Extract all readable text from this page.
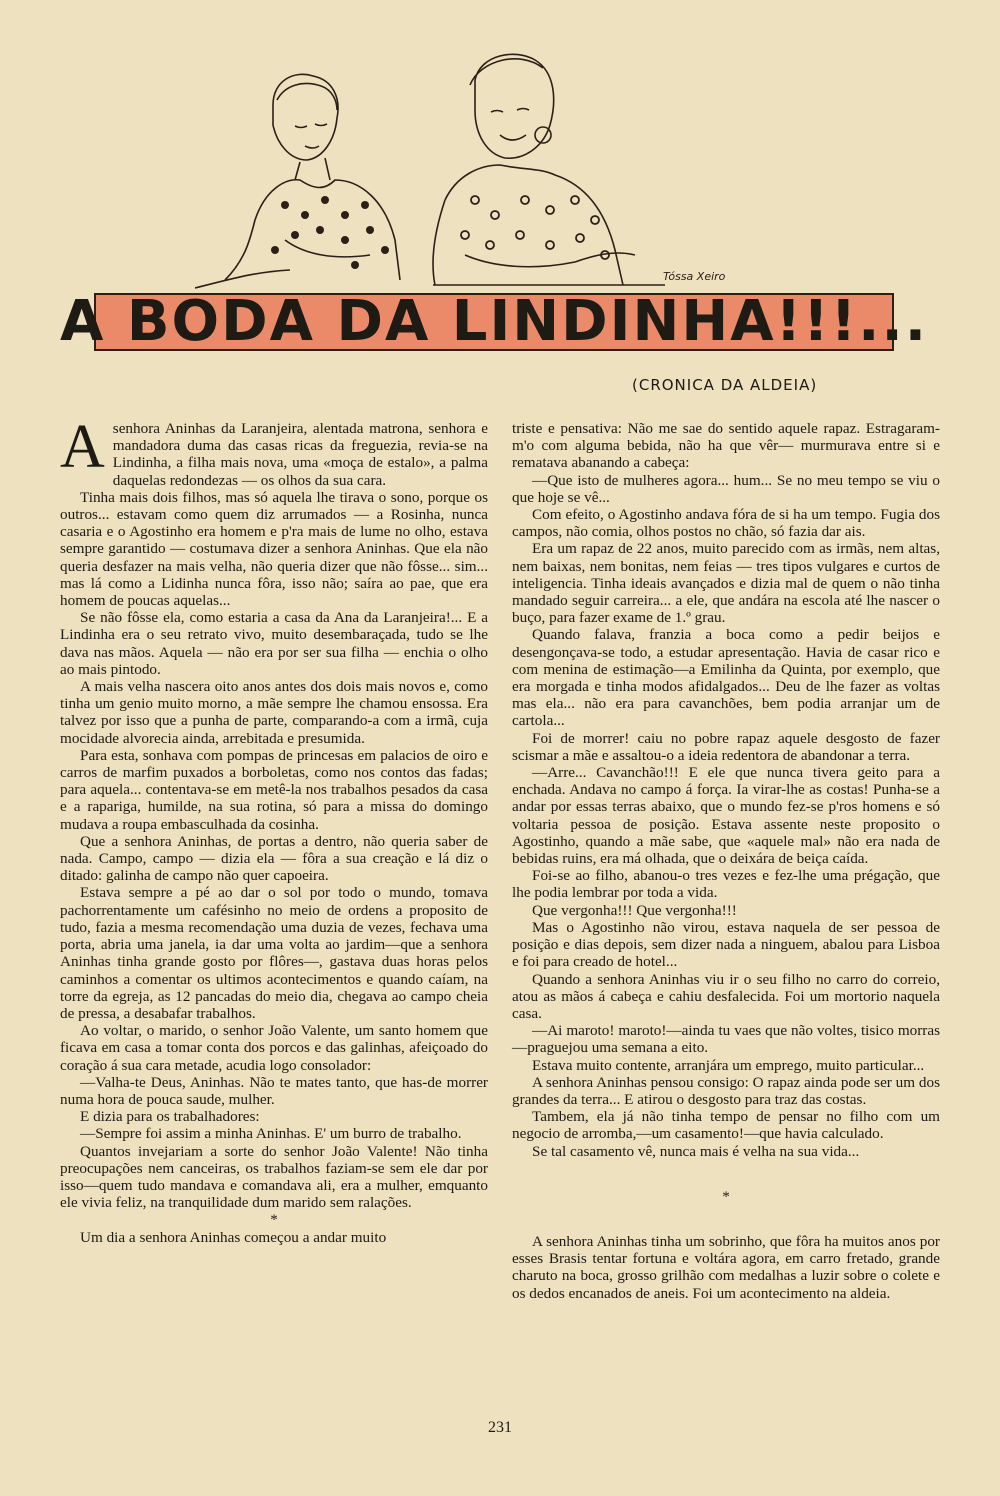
Tóssa Xeiro
A BODA DA LINDINHA!!!...
(CRONICA DA ALDEIA)

Asenhora Aninhas da Laranjeira, alentada matrona, senhora e mandadora duma das casas ricas da freguezia, revia-se na Lindinha, a filha mais nova, uma «moça de estalo», a palma daquelas redondezas — os olhos da sua cara.

Tinha mais dois filhos, mas só aquela lhe tirava o sono, porque os outros... estavam como quem diz arrumados — a Rosinha, nunca casaria e o Agostinho era homem e p'ra mais de lume no olho, estava sempre garantido — costumava dizer a senhora Aninhas. Que ela não queria desfazer na mais velha, não queria dizer que não fôsse... sim... mas lá como a Lidinha nunca fôra, isso não; saíra ao pae, que era homem de poucas aquelas...

Se não fôsse ela, como estaria a casa da Ana da Laranjeira!... E a Lindinha era o seu retrato vivo, muito desembaraçada, tudo se lhe dava nas mãos. Aquela — não era por ser sua filha — enchia o olho ao mais pintodo.

A mais velha nascera oito anos antes dos dois mais novos e, como tinha um genio muito morno, a mãe sempre lhe chamou ensossa. Era talvez por isso que a punha de parte, comparando-a com a irmã, cuja mocidade alvorecia ainda, arrebitada e presumida.

Para esta, sonhava com pompas de princesas em palacios de oiro e carros de marfim puxados a borboletas, como nos contos das fadas; para aquela... contentava-se em metê-la nos trabalhos pesados da casa e a rapariga, humilde, na sua rotina, só para a missa do domingo mudava a roupa embasculhada da cosinha.

Que a senhora Aninhas, de portas a dentro, não queria saber de nada. Campo, campo — dizia ela — fôra a sua creação e lá diz o ditado: galinha de campo não quer capoeira.

Estava sempre a pé ao dar o sol por todo o mundo, tomava pachorrentamente um cafésinho no meio de ordens a proposito de tudo, fazia a mesma recomendação uma duzia de vezes, fechava uma porta, abria uma janela, ia dar uma volta ao jardim—que a senhora Aninhas tinha grande gosto por flôres—, gastava duas horas pelos caminhos a comentar os ultimos acontecimentos e quando caíam, na torre da egreja, as 12 pancadas do meio dia, chegava ao campo cheia de pressa, a desabafar trabalhos.

Ao voltar, o marido, o senhor João Valente, um santo homem que ficava em casa a tomar conta dos porcos e das galinhas, afeiçoado do coração á sua cara metade, acudia logo consolador:

—Valha-te Deus, Aninhas. Não te mates tanto, que has-de morrer numa hora de pouca saude, mulher.

E dizia para os trabalhadores:

—Sempre foi assim a minha Aninhas. E' um burro de trabalho.

Quantos invejariam a sorte do senhor João Valente! Não tinha preocupações nem canceiras, os trabalhos faziam-se sem ele dar por isso—quem tudo mandava e comandava ali, era a mulher, emquanto ele vivia feliz, na tranquilidade dum marido sem ralações.

*

Um dia a senhora Aninhas começou a andar muito

triste e pensativa: Não me sae do sentido aquele rapaz. Estragaram-m'o com alguma bebida, não ha que vêr— murmurava entre si e rematava abanando a cabeça:

—Que isto de mulheres agora... hum... Se no meu tempo se viu o que hoje se vê...

Com efeito, o Agostinho andava fóra de si ha um tempo. Fugia dos campos, não comia, olhos postos no chão, só fazia dar ais.

Era um rapaz de 22 anos, muito parecido com as irmãs, nem altas, nem baixas, nem bonitas, nem feias — tres tipos vulgares e curtos de inteligencia. Tinha ideais avançados e dizia mal de quem o não tinha mandado seguir carreira... a ele, que andára na escola até lhe nascer o buço, para fazer exame de 1.º grau.

Quando falava, franzia a boca como a pedir beijos e desengonçava-se todo, a estudar apresentação. Havia de casar rico e com menina de estimação—a Emilinha da Quinta, por exemplo, que era morgada e tinha modos afidalgados... Deu de lhe fazer as voltas mas ela... não era para cavanchões, bem podia arranjar um de cartola...

Foi de morrer! caiu no pobre rapaz aquele desgosto de fazer scismar a mãe e assaltou-o a ideia redentora de abandonar a terra.

—Arre... Cavanchão!!! E ele que nunca tivera geito para a enchada. Andava no campo á força. Ia virar-lhe as costas! Punha-se a andar por essas terras abaixo, que o mundo fez-se p'ros homens e só voltaria pessoa de posição. Estava assente neste proposito o Agostinho, quando a mãe sabe, que «aquele mal» não era nada de bebidas ruins, era má olhada, que o deixára de beiça caída.

Foi-se ao filho, abanou-o tres vezes e fez-lhe uma prégação, que lhe podia lembrar por toda a vida.

Que vergonha!!! Que vergonha!!!

Mas o Agostinho não virou, estava naquela de ser pessoa de posição e dias depois, sem dizer nada a ninguem, abalou para Lisboa e foi para creado de hotel...

Quando a senhora Aninhas viu ir o seu filho no carro do correio, atou as mãos á cabeça e cahiu desfalecida. Foi um mortorio naquela casa.

—Ai maroto! maroto!—ainda tu vaes que não voltes, tisico morras—praguejou uma semana a eito.

Estava muito contente, arranjára um emprego, muito particular...

A senhora Aninhas pensou consigo: O rapaz ainda pode ser um dos grandes da terra... E atirou o desgosto para traz das costas.

Tambem, ela já não tinha tempo de pensar no filho com um negocio de arromba,—um casamento!—que havia calculado.

Se tal casamento vê, nunca mais é velha na sua vida...

*

A senhora Aninhas tinha um sobrinho, que fôra ha muitos anos por esses Brasis tentar fortuna e voltára agora, em carro fretado, grande charuto na boca, grosso grilhão com medalhas a luzir sobre o colete e os dedos encanados de aneis. Foi um acontecimento na aldeia.

231
